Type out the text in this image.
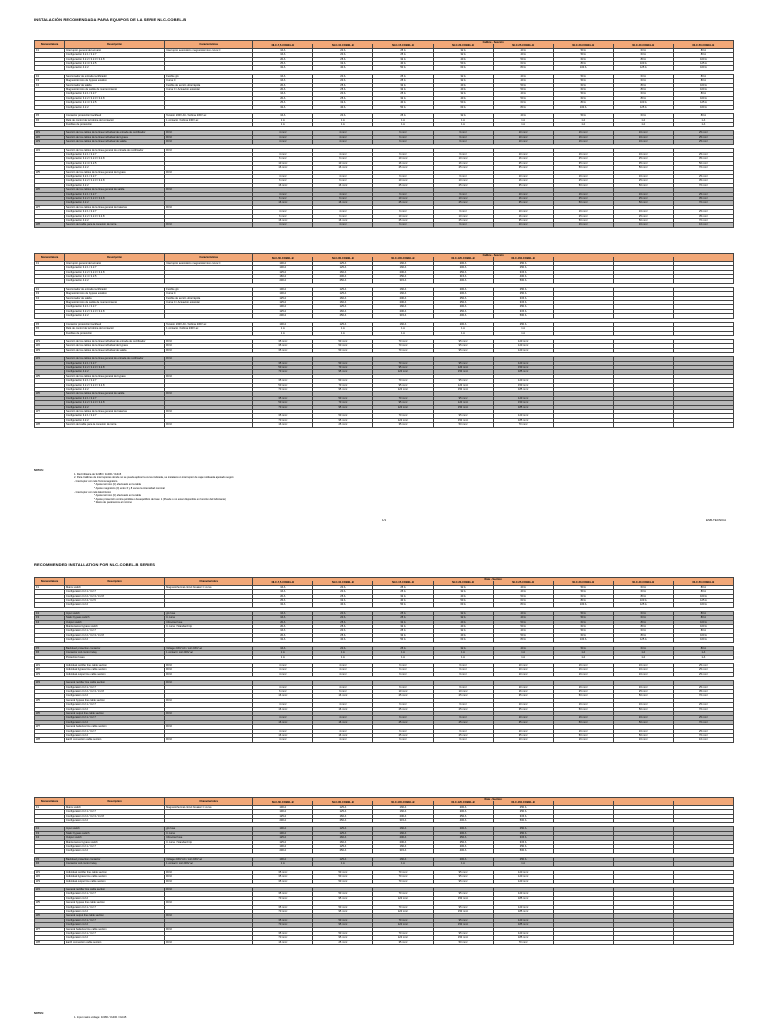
INSTALACIÓN RECOMENDADA PARA EQUIPOS DE LA SERIE NLC-COBEL-B
Nomenclatura	Descripción	Características	Calibre - Sección							
			NLC-7,5-COBEL-B	NLC-10-COBEL-B	NLC-15-COBEL-B	NLC-20-COBEL-B	NLC-25-COBEL-B	NLC-30-COBEL-B	NLC-40-COBEL-B	NLC-50-COBEL-B
F1	Interruptor general del armario	Interruptor automático magnetotérmico curva C	16 A	20 A	25 A	32 A	40 A	50 A	63 A	80 A
	Configuración 3.2.1 / 3.2.7		16 A	20 A	25 A	32 A	40 A	50 A	63 A	80 A
	Configuración 3.2.2 / 3.2.3 / 3.2.8		20 A	25 A	32 A	40 A	50 A	63 A	80 A	100 A
	Configuración 3.2.4 / 3.2.5		25 A	32 A	40 A	50 A	63 A	80 A	100 A	125 A
	Configuración 4.2.2		32 A	40 A	50 A	63 A	80 A	100 A	125 A	160 A

F2	Seccionador de entrada rectificador	Fusible gG	16 A	20 A	25 A	32 A	40 A	50 A	63 A	80 A
F3	Magnetotérmico de bypass estático	Curva C	16 A	20 A	25 A	32 A	40 A	50 A	63 A	80 A
F4	Seccionador de salida	Fusible de acción ultrarrápida	20 A	25 A	32 A	40 A	50 A	63 A	80 A	100 A
	Magnetotérmico de salida de mantenimiento	Curva C / Actuación estándar	20 A	25 A	32 A	40 A	50 A	63 A	80 A	100 A
	Configuración 3.2.1 / 3.2.7		16 A	20 A	25 A	32 A	40 A	50 A	63 A	80 A
	Configuración 3.2.2 / 3.2.3 / 3.2.8		20 A	25 A	32 A	40 A	50 A	63 A	80 A	100 A
	Configuración 3.2.4 / 3.2.5		25 A	32 A	40 A	50 A	63 A	80 A	100 A	125 A
	Configuración 4.2.2		32 A	40 A	50 A	63 A	80 A	100 A	125 A	160 A

F5	Contactor protección backfeed	Tensión 230V AC / bobina 230V ac	16 A	20 A	25 A	32 A	40 A	50 A	63 A	80 A
F6	Relé de control de la bobina del contactor	1 contacto / bobina 230V ac	1 A	1 A	1 A	1 A	1 A	1 A	1 A	1 A
	Fusibles de protección		1 A	1 A	1 A	1 A	1 A	1 A	1 A	1 A

W1	Sección de los cables de la línea individual de entrada de rectificador	RV-K	4 mm²	4 mm²	6 mm²	6 mm²	10 mm²	16 mm²	16 mm²	25 mm²
W2	Sección de los cables de la línea individual de bypass	RV-K	4 mm²	4 mm²	6 mm²	6 mm²	10 mm²	16 mm²	16 mm²	25 mm²
W3	Sección de los cables de la línea individual de salida	RV-K	4 mm²	4 mm²	6 mm²	6 mm²	10 mm²	16 mm²	16 mm²	25 mm²

W4	Sección de los cables de la línea general de entrada de rectificador	RV-K								
	Configuración 3.2.1 / 3.2.7		4 mm²	4 mm²	6 mm²	6 mm²	10 mm²	16 mm²	16 mm²	25 mm²
	Configuración 3.2.2 / 3.2.3 / 3.2.8		6 mm²	6 mm²	10 mm²	10 mm²	16 mm²	25 mm²	25 mm²	35 mm²
	Configuración 3.2.4 / 3.2.5		10 mm²	10 mm²	16 mm²	16 mm²	25 mm²	35 mm²	35 mm²	50 mm²
	Configuración 4.2.2		16 mm²	16 mm²	25 mm²	25 mm²	35 mm²	50 mm²	50 mm²	70 mm²
W5	Sección de los cables de la línea general de bypass	RV-K								
	Configuración 3.2.1 / 3.2.7		4 mm²	4 mm²	6 mm²	6 mm²	10 mm²	16 mm²	16 mm²	25 mm²
	Configuración 3.2.2 / 3.2.3 / 3.2.8		6 mm²	6 mm²	10 mm²	10 mm²	16 mm²	25 mm²	25 mm²	35 mm²
	Configuración 4.2.2		16 mm²	16 mm²	25 mm²	25 mm²	35 mm²	50 mm²	50 mm²	70 mm²
W6	Sección de los cables de la línea general de salida	RV-K								
	Configuración 3.2.1 / 3.2.7		4 mm²	4 mm²	6 mm²	6 mm²	10 mm²	16 mm²	16 mm²	25 mm²
	Configuración 3.2.2 / 3.2.3 / 3.2.8		6 mm²	6 mm²	10 mm²	10 mm²	16 mm²	25 mm²	25 mm²	35 mm²
	Configuración 4.2.2		16 mm²	16 mm²	25 mm²	25 mm²	35 mm²	50 mm²	50 mm²	70 mm²
W7	Sección de los cables de la línea general de baterías	RV-K								
	Configuración 3.2.1 / 3.2.7		4 mm²	4 mm²	6 mm²	6 mm²	10 mm²	16 mm²	16 mm²	25 mm²
	Configuración 3.2.2 / 3.2.3 / 3.2.8		6 mm²	6 mm²	10 mm²	10 mm²	16 mm²	25 mm²	25 mm²	35 mm²
	Configuración 4.2.2		16 mm²	16 mm²	25 mm²	25 mm²	35 mm²	50 mm²	50 mm²	70 mm²
W8	Sección del cable para la conexión de tierra	RV-K	4 mm²	4 mm²	6 mm²	6 mm²	10 mm²	16 mm²	16 mm²	16 mm²
Nomenclatura	Descripción	Características	Calibre - Sección							
			NLC-60-COBEL-B	NLC-80-COBEL-B	NLC-100-COBEL-B	NLC-120-COBEL-B	NLC-160-COBEL-B			
F1	Interruptor general del armario	Interruptor automático magnetotérmico curva C	100 A	125 A	160 A	200 A	250 A			
	Configuración 3.2.1 / 3.2.7		100 A	125 A	160 A	200 A	250 A			
	Configuración 3.2.2 / 3.2.3 / 3.2.8		125 A	160 A	200 A	250 A	315 A			
	Configuración 3.2.4 / 3.2.5		160 A	200 A	250 A	315 A	400 A			
	Configuración 4.2.2		200 A	250 A	315 A	400 A	500 A			

F2	Seccionador de entrada rectificador	Fusible gG	100 A	125 A	160 A	200 A	250 A			
F3	Magnetotérmico de bypass estático	Curva C	100 A	125 A	160 A	200 A	250 A			
F4	Seccionador de salida	Fusible de acción ultrarrápida	125 A	160 A	200 A	250 A	315 A			
	Magnetotérmico de salida de mantenimiento	Curva C / Actuación estándar	125 A	160 A	200 A	250 A	315 A			
	Configuración 3.2.1 / 3.2.7		100 A	125 A	160 A	200 A	250 A			
	Configuración 3.2.2 / 3.2.3 / 3.2.8		125 A	160 A	200 A	250 A	315 A			
	Configuración 4.2.2		200 A	250 A	315 A	400 A	500 A			

F5	Contactor protección backfeed	Tensión 230V AC / bobina 230V ac	100 A	125 A	160 A	200 A	250 A			
F6	Relé de control de la bobina del contactor	1 contacto / bobina 230V ac	1 A	1 A	1 A	1 A	1 A			
	Fusibles de protección		1 A	1 A	1 A	1 A	1 A			

W1	Sección de los cables de la línea individual de entrada de rectificador	RV-K	35 mm²	50 mm²	70 mm²	95 mm²	120 mm²			
W2	Sección de los cables de la línea individual de bypass	RV-K	35 mm²	50 mm²	70 mm²	95 mm²	120 mm²			
W3	Sección de los cables de la línea individual de salida	RV-K	35 mm²	50 mm²	70 mm²	95 mm²	120 mm²			

W4	Sección de los cables de la línea general de entrada de rectificador	RV-K								
	Configuración 3.2.1 / 3.2.7		35 mm²	50 mm²	70 mm²	95 mm²	120 mm²			
	Configuración 3.2.2 / 3.2.3 / 3.2.8		50 mm²	70 mm²	95 mm²	120 mm²	150 mm²			
	Configuración 4.2.2		70 mm²	95 mm²	120 mm²	150 mm²	185 mm²			
W5	Sección de los cables de la línea general de bypass	RV-K								
	Configuración 3.2.1 / 3.2.7		35 mm²	50 mm²	70 mm²	95 mm²	120 mm²			
	Configuración 3.2.2 / 3.2.3 / 3.2.8		50 mm²	70 mm²	95 mm²	120 mm²	150 mm²			
	Configuración 4.2.2		70 mm²	95 mm²	120 mm²	150 mm²	185 mm²			
W6	Sección de los cables de la línea general de salida	RV-K								
	Configuración 3.2.1 / 3.2.7		35 mm²	50 mm²	70 mm²	95 mm²	120 mm²			
	Configuración 3.2.2 / 3.2.3 / 3.2.8		50 mm²	70 mm²	95 mm²	120 mm²	150 mm²			
	Configuración 4.2.2		70 mm²	95 mm²	120 mm²	150 mm²	185 mm²			
W7	Sección de los cables de la línea general de baterías	RV-K								
	Configuración 3.2.1 / 3.2.7		35 mm²	50 mm²	70 mm²	95 mm²	120 mm²			
	Configuración 4.2.2		70 mm²	95 mm²	120 mm²	150 mm²	185 mm²			
W8	Sección del cable para la conexión de tierra	RV-K	16 mm²	25 mm²	35 mm²	50 mm²	70 mm²			
NOTAS:
1. Red trifásica de 3x380 / 3x400 / 3x415
2. Para Calibres de interruptores donde no se pueda aplicar la curva indicada, se instalará un interruptor de caja moldeada ajustado según:
- Interruptor con relé Termomagnético
* Ajuste térmico (Ir) efectuado en la tabla
* Ajuste magnético (Ii) entre 6 y 8 veces la intensidad nominal
- Interruptor con relé Electrónico
* Ajuste térmico (Ir) efectuado en la tabla
* Ajuste protección contra pérdida o desequilibrio de fase: 1 (Puede o no estar disponible en función del fabricante)
* Resto de parámetros al mínimo
1/1	ESB-TECNICA
RECOMMENDED INSTALLATION FOR NLC-COBEL-B SERIES
Nomenclature	Description	Characteristics	Rate - Section							
			NLC-7,5-COBEL-B	NLC-10-COBEL-B	NLC-15-COBEL-B	NLC-20-COBEL-B	NLC-25-COBEL-B	NLC-30-COBEL-B	NLC-40-COBEL-B	NLC-50-COBEL-B
F1	Mains switch	Magnetothermal circuit breaker C curve	16 A	20 A	25 A	32 A	40 A	50 A	63 A	80 A
	Configuration 3.2.1 / 3.2.7		16 A	20 A	25 A	32 A	40 A	50 A	63 A	80 A
	Configuration 3.2.2 / 3.2.3 / 3.2.8		20 A	25 A	32 A	40 A	50 A	63 A	80 A	100 A
	Configuration 3.2.4 / 3.2.5		25 A	32 A	40 A	50 A	63 A	80 A	100 A	125 A
	Configuration 4.2.2		32 A	40 A	50 A	63 A	80 A	100 A	125 A	160 A

F2	Input switch	gG fuse	16 A	20 A	25 A	32 A	40 A	50 A	63 A	80 A
F3	Static bypass switch	C curve	16 A	20 A	25 A	32 A	40 A	50 A	63 A	80 A
F4	Output switch	Ultra-fast fuse	20 A	25 A	32 A	40 A	50 A	63 A	80 A	100 A
	Maintenance bypass switch	C curve / Standard trip	20 A	25 A	32 A	40 A	50 A	63 A	80 A	100 A
	Configuration 3.2.1 / 3.2.7		16 A	20 A	25 A	32 A	40 A	50 A	63 A	80 A
	Configuration 3.2.2 / 3.2.3 / 3.2.8		20 A	25 A	32 A	40 A	50 A	63 A	80 A	100 A
	Configuration 4.2.2		32 A	40 A	50 A	63 A	80 A	100 A	125 A	160 A

F5	Backfeed protection contactor	Voltage 230V AC / coil 230V ac	16 A	20 A	25 A	32 A	40 A	50 A	63 A	80 A
F6	Contactor coil control relay	1 contact / coil 230V ac	1 A	1 A	1 A	1 A	1 A	1 A	1 A	1 A
	Protection fuses		1 A	1 A	1 A	1 A	1 A	1 A	1 A	1 A

W1	Individual rectifier line cable section	RV-K	4 mm²	4 mm²	6 mm²	6 mm²	10 mm²	16 mm²	16 mm²	25 mm²
W2	Individual bypass line cable section	RV-K	4 mm²	4 mm²	6 mm²	6 mm²	10 mm²	16 mm²	16 mm²	25 mm²
W3	Individual output line cable section	RV-K	4 mm²	4 mm²	6 mm²	6 mm²	10 mm²	16 mm²	16 mm²	25 mm²

W4	General rectifier line cable section	RV-K								
	Configuration 3.2.1 / 3.2.7		4 mm²	4 mm²	6 mm²	6 mm²	10 mm²	16 mm²	16 mm²	25 mm²
	Configuration 3.2.2 / 3.2.3 / 3.2.8		6 mm²	6 mm²	10 mm²	10 mm²	16 mm²	25 mm²	25 mm²	35 mm²
	Configuration 4.2.2		16 mm²	16 mm²	25 mm²	25 mm²	35 mm²	50 mm²	50 mm²	70 mm²
W5	General bypass line cable section	RV-K								
	Configuration 3.2.1 / 3.2.7		4 mm²	4 mm²	6 mm²	6 mm²	10 mm²	16 mm²	16 mm²	25 mm²
	Configuration 4.2.2		16 mm²	16 mm²	25 mm²	25 mm²	35 mm²	50 mm²	50 mm²	70 mm²
W6	General output line cable section	RV-K								
	Configuration 3.2.1 / 3.2.7		4 mm²	4 mm²	6 mm²	6 mm²	10 mm²	16 mm²	16 mm²	25 mm²
	Configuration 4.2.2		16 mm²	16 mm²	25 mm²	25 mm²	35 mm²	50 mm²	50 mm²	70 mm²
W7	General batteries line cable section	RV-K								
	Configuration 3.2.1 / 3.2.7		4 mm²	4 mm²	6 mm²	6 mm²	10 mm²	16 mm²	16 mm²	25 mm²
	Configuration 4.2.2		16 mm²	16 mm²	25 mm²	25 mm²	35 mm²	50 mm²	50 mm²	70 mm²
W8	Earth connection cable section	RV-K	4 mm²	4 mm²	6 mm²	6 mm²	10 mm²	16 mm²	16 mm²	16 mm²
Nomenclature	Description	Characteristics	Rate - Section							
			NLC-60-COBEL-B	NLC-80-COBEL-B	NLC-100-COBEL-B	NLC-120-COBEL-B	NLC-160-COBEL-B			
F1	Mains switch	Magnetothermal circuit breaker C curve	100 A	125 A	160 A	200 A	250 A			
	Configuration 3.2.1 / 3.2.7		100 A	125 A	160 A	200 A	250 A			
	Configuration 3.2.2 / 3.2.3 / 3.2.8		125 A	160 A	200 A	250 A	315 A			
	Configuration 4.2.2		200 A	250 A	315 A	400 A	500 A			

F2	Input switch	gG fuse	100 A	125 A	160 A	200 A	250 A			
F3	Static bypass switch	C curve	100 A	125 A	160 A	200 A	250 A			
F4	Output switch	Ultra-fast fuse	125 A	160 A	200 A	250 A	315 A			
	Maintenance bypass switch	C curve / Standard trip	125 A	160 A	200 A	250 A	315 A			
	Configuration 3.2.1 / 3.2.7		100 A	125 A	160 A	200 A	250 A			
	Configuration 4.2.2		200 A	250 A	315 A	400 A	500 A			

F5	Backfeed protection contactor	Voltage 230V AC / coil 230V ac	100 A	125 A	160 A	200 A	250 A			
F6	Contactor coil control relay	1 contact / coil 230V ac	1 A	1 A	1 A	1 A	1 A			

W1	Individual rectifier line cable section	RV-K	35 mm²	50 mm²	70 mm²	95 mm²	120 mm²			
W2	Individual bypass line cable section	RV-K	35 mm²	50 mm²	70 mm²	95 mm²	120 mm²			
W3	Individual output line cable section	RV-K	35 mm²	50 mm²	70 mm²	95 mm²	120 mm²			

W4	General rectifier line cable section	RV-K								
	Configuration 3.2.1 / 3.2.7		35 mm²	50 mm²	70 mm²	95 mm²	120 mm²			
	Configuration 4.2.2		70 mm²	95 mm²	120 mm²	150 mm²	185 mm²			
W5	General bypass line cable section	RV-K								
	Configuration 3.2.1 / 3.2.7		35 mm²	50 mm²	70 mm²	95 mm²	120 mm²			
	Configuration 4.2.2		70 mm²	95 mm²	120 mm²	150 mm²	185 mm²			
W6	General output line cable section	RV-K								
	Configuration 3.2.1 / 3.2.7		35 mm²	50 mm²	70 mm²	95 mm²	120 mm²			
	Configuration 4.2.2		70 mm²	95 mm²	120 mm²	150 mm²	185 mm²			
W7	General batteries line cable section	RV-K								
	Configuration 3.2.1 / 3.2.7		35 mm²	50 mm²	70 mm²	95 mm²	120 mm²			
	Configuration 4.2.2		70 mm²	95 mm²	120 mm²	150 mm²	185 mm²			
W8	Earth connection cable section	RV-K	16 mm²	25 mm²	35 mm²	50 mm²	70 mm²			
NOTES:
1. Input mains voltage: 3x380 / 3x400 / 3x415
